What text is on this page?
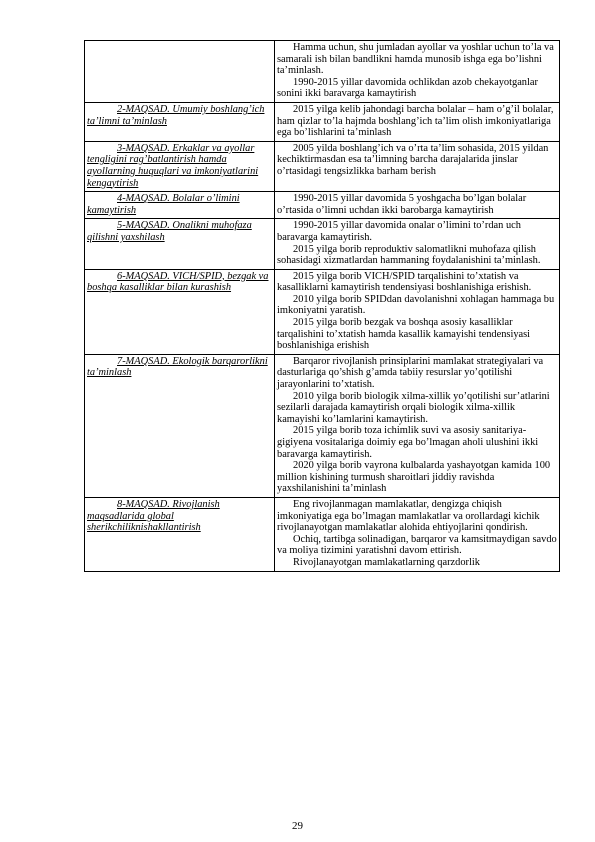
	Hamma uchun, shu jumladan ayollar va yoshlar uchun to’la va samarali ish bilan bandlikni hamda munosib ishga ega bo’lishni ta’minlash.

1990-2015 yillar davomida ochlikdan azob chekayotganlar sonini ikki baravarga kamaytirish

2-MAQSAD. Umumiy boshlang’ich ta’limni ta’minlash	2015 yilga kelib jahondagi barcha bolalar – ham o’g’il bolalar, ham qizlar to’la hajmda boshlang’ich ta’lim olish imkoniyatlariga ega bo’lishlarini ta’minlash

3-MAQSAD. Erkaklar va ayollar tengligini rag’batlantirish hamda ayollarning huquqlari va imkoniyatlarini kengaytirish	2005 yilda boshlang’ich va o’rta ta’lim sohasida, 2015 yildan kechiktirmasdan esa ta’limning barcha darajalarida jinslar o’rtasidagi tengsizlikka barham berish

4-MAQSAD. Bolalar o’limini kamaytirish	1990-2015 yillar davomida 5 yoshgacha bo’lgan bolalar o’rtasida o’limni uchdan ikki barobarga kamaytirish

5-MAQSAD. Onalikni muhofaza qilishni yaxshilash	1990-2015 yillar davomida onalar o’limini to’rdan uch baravarga kamaytirish.

2015 yilga borib reproduktiv salomatlikni muhofaza qilish sohasidagi xizmatlardan hammaning foydalanishini ta’minlash.

6-MAQSAD. VICH/SPID, bezgak va boshqa kasalliklar bilan kurashish	2015 yilga borib VICH/SPID tarqalishini to’xtatish va kasalliklarni kamaytirish tendensiyasi boshlanishiga erishish.

2010 yilga borib SPIDdan davolanishni xohlagan hammaga bu imkoniyatni yaratish.

2015 yilga borib bezgak va boshqa asosiy kasalliklar tarqalishini to’xtatish hamda kasallik kamayishi tendensiyasi boshlanishiga erishish

7-MAQSAD. Ekologik barqarorlikni ta’minlash	Barqaror rivojlanish prinsiplarini mamlakat strategiyalari va dasturlariga qo’shish g’amda tabiiy resurslar yo’qotilishi jarayonlarini to’xtatish.

2010 yilga borib biologik xilma-xillik yo’qotilishi sur’atlarini sezilarli darajada kamaytirish orqali biologik xilma-xillik kamayishi ko’lamlarini kamaytirish.

2015 yilga borib toza ichimlik suvi va asosiy sanitariya-gigiyena vositalariga doimiy ega bo’lmagan aholi ulushini ikki baravarga kamaytirish.

2020 yilga borib vayrona kulbalarda yashayotgan kamida 100 million kishining turmush sharoitlari jiddiy ravishda yaxshilanishini ta’minlash

8-MAQSAD. Rivojlanish maqsadlarida global sherikchiliknishakllantirish	Eng rivojlanmagan mamlakatlar, dengizga chiqish imkoniyatiga ega bo’lmagan mamlakatlar va orollardagi kichik rivojlanayotgan mamlakatlar alohida ehtiyojlarini qondirish.

Ochiq, tartibga solinadigan, barqaror va kamsitmaydigan savdo va moliya tizimini yaratishni davom ettirish.

Rivojlanayotgan mamlakatlarning qarzdorlik

29
